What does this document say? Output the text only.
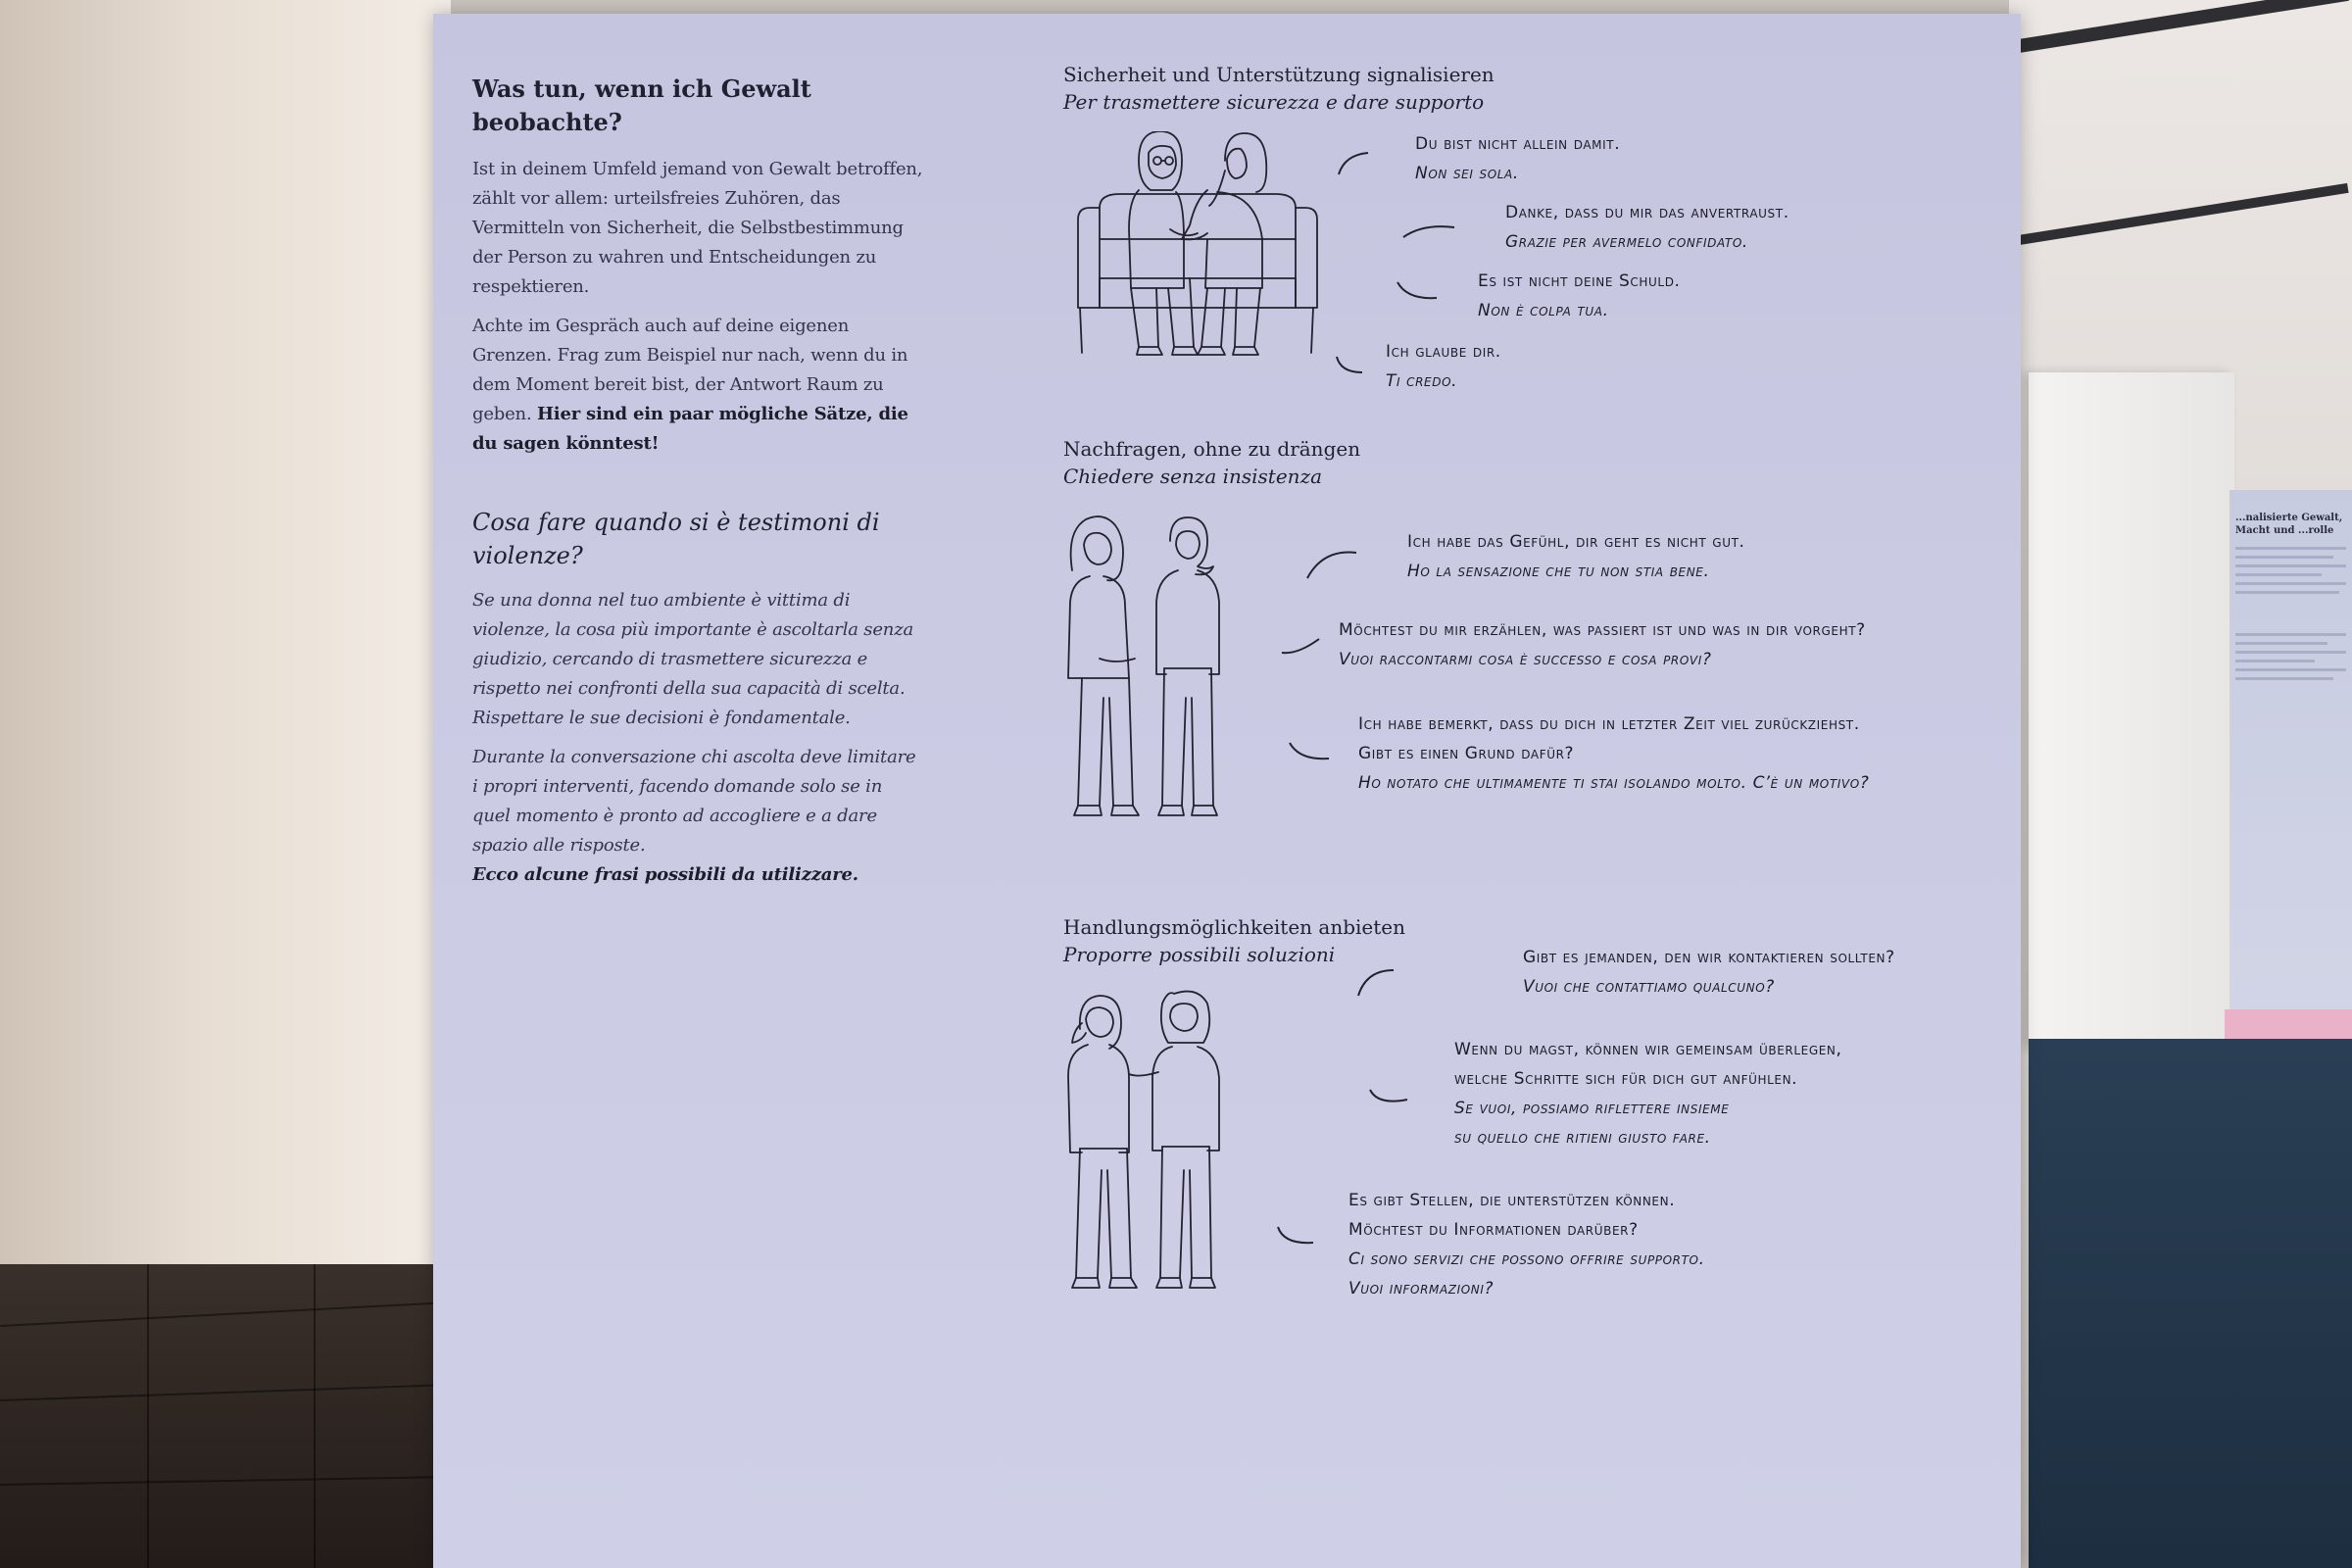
...nalisierte Gewalt, Macht und ...rolle
Was tun, wenn ich Gewalt beobachte?
Ist in deinem Umfeld jemand von Gewalt betroffen, zählt vor allem: urteilsfreies Zuhören, das Vermitteln von Sicherheit, die Selbstbestimmung der Person zu wahren und Entscheidungen zu respektieren.
Achte im Gespräch auch auf deine eigenen Grenzen. Frag zum Beispiel nur nach, wenn du in dem Moment bereit bist, der Antwort Raum zu geben. Hier sind ein paar mögliche Sätze, die du sagen könntest!
Cosa fare quando si è testimoni di violenze?
Se una donna nel tuo ambiente è vittima di violenze, la cosa più importante è ascoltarla senza giudizio, cercando di trasmettere sicurezza e rispetto nei confronti della sua capacità di scelta. Rispettare le sue decisioni è fondamentale.
Durante la conversazione chi ascolta deve limitare i propri interventi, facendo domande solo se in quel momento è pronto ad accogliere e a dare spazio alle risposte.
Ecco alcune frasi possibili da utilizzare.
Sicherheit und Unterstützung signalisieren
Per trasmettere sicurezza e dare supporto
Du bist nicht allein damit.
Non sei sola.
Danke, dass du mir das anvertraust.
Grazie per avermelo confidato.
Es ist nicht deine Schuld.
Non è colpa tua.
Ich glaube dir.
Ti credo.
Nachfragen, ohne zu drängen
Chiedere senza insistenza
Ich habe das Gefühl, dir geht es nicht gut.
Ho la sensazione che tu non stia bene.
Möchtest du mir erzählen, was passiert ist und was in dir vorgeht?
Vuoi raccontarmi cosa è successo e cosa provi?
Ich habe bemerkt, dass du dich in letzter Zeit viel zurückziehst.
Gibt es einen Grund dafür?
Ho notato che ultimamente ti stai isolando molto. C’è un motivo?
Handlungsmöglichkeiten anbieten
Proporre possibili soluzioni	Gibt es jemanden, den wir kontaktieren sollten?
Vuoi che contattiamo qualcuno?
Wenn du magst, können wir gemeinsam überlegen,
welche Schritte sich für dich gut anfühlen.
Se vuoi, possiamo riflettere insieme
su quello che ritieni giusto fare.
Es gibt Stellen, die unterstützen können.
Möchtest du Informationen darüber?
Ci sono servizi che possono offrire supporto.
Vuoi informazioni?
